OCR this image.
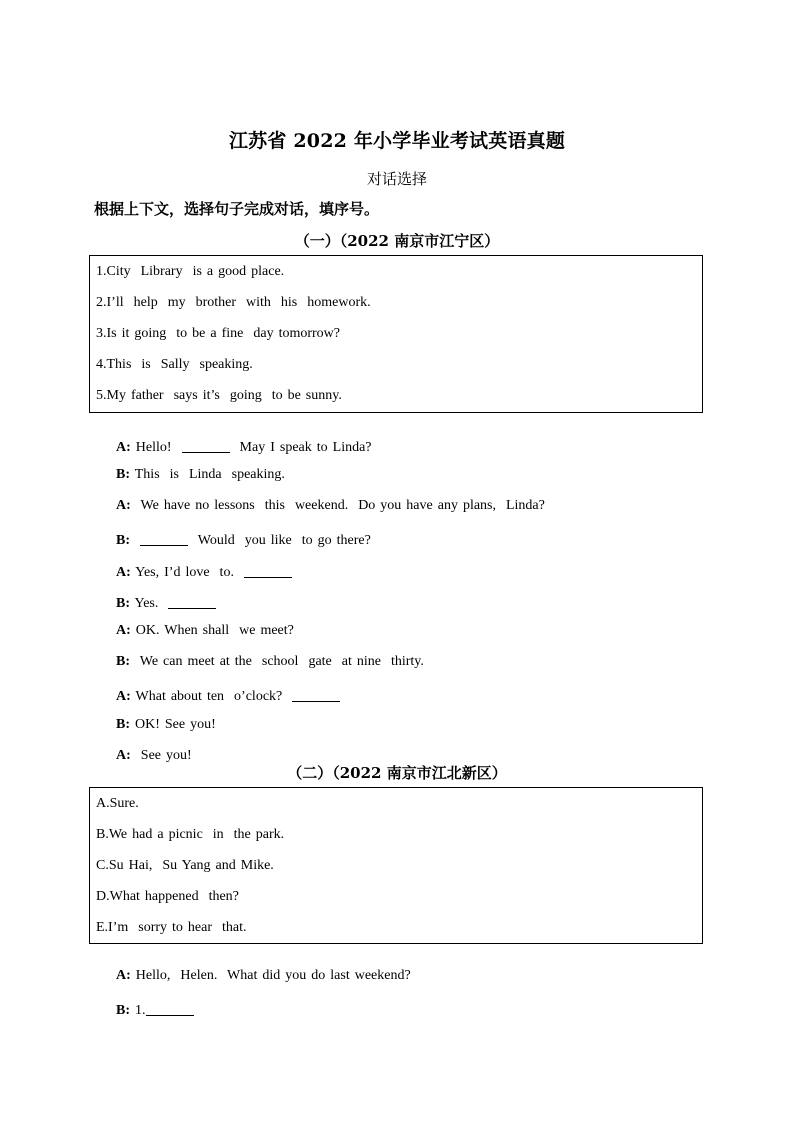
江苏省 2022 年小学毕业考试英语真题
对话选择
根据上下文，选择句子完成对话，填序号。
（一）（2022 南京市江宁区）
1.City  Library  is a good place.
2.I’ll  help  my  brother  with  his  homework.
3.Is it going  to be a fine  day tomorrow?
4.This  is  Sally  speaking.
5.My father  says it’s  going  to be sunny.

A: Hello!	May I speak to Linda?

B: This  is  Linda  speaking.

A:  We have no lessons  this  weekend.  Do you have any plans,  Linda?

B:	Would  you like  to go there?

A: Yes, I’d love  to.

B: Yes.

A: OK. When shall  we meet?

B:  We can meet at the  school  gate  at nine  thirty.

A: What about ten  o’clock?

B: OK! See you!

A:  See you!

（二）（2022 南京市江北新区）
A.Sure.
B.We had a picnic  in  the park.
C.Su Hai,  Su Yang and Mike.
D.What happened  then?
E.I’m  sorry to hear  that.

A: Hello,  Helen.  What did you do last weekend?

B: 1.
